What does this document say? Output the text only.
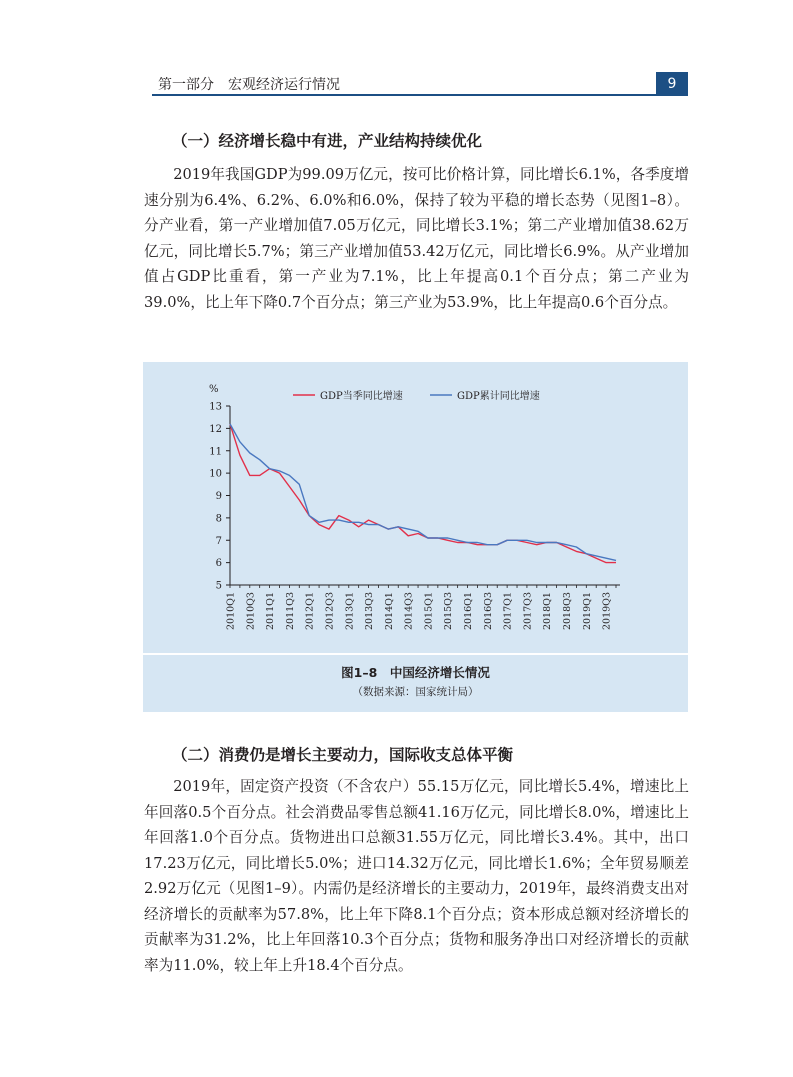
第一部分　宏观经济运行情况	9
（一）经济增长稳中有进，产业结构持续优化

2019年我国GDP为99.09万亿元，按可比价格计算，同比增长6.1%，各季度增速分别为6.4%、6.2%、6.0%和6.0%，保持了较为平稳的增长态势（见图1–8）。分产业看，第一产业增加值7.05万亿元，同比增长3.1%；第二产业增加值38.62万亿元，同比增长5.7%；第三产业增加值53.42万亿元，同比增长6.9%。从产业增加值占GDP比重看，第一产业为7.1%，比上年提高0.1个百分点；第二产业为39.0%，比上年下降0.7个百分点；第三产业为53.9%，比上年提高0.6个百分点。

%
GDP当季同比增速	GDP累计同比增速
5
6
7
8
9
10
11
12
13
2010Q1 2010Q3 2011Q1 2011Q3 2012Q1 2012Q3 2013Q1 2013Q3 2014Q1 2014Q3 2015Q1 2015Q3 2016Q1 2016Q3 2017Q1 2017Q3 2018Q1 2018Q3 2019Q1 2019Q3
图1–8　中国经济增长情况
（数据来源：国家统计局）
（二）消费仍是增长主要动力，国际收支总体平衡

2019年，固定资产投资（不含农户）55.15万亿元，同比增长5.4%，增速比上年回落0.5个百分点。社会消费品零售总额41.16万亿元，同比增长8.0%，增速比上年回落1.0个百分点。货物进出口总额31.55万亿元，同比增长3.4%。其中，出口17.23万亿元，同比增长5.0%；进口14.32万亿元，同比增长1.6%；全年贸易顺差2.92万亿元（见图1–9）。内需仍是经济增长的主要动力，2019年，最终消费支出对经济增长的贡献率为57.8%，比上年下降8.1个百分点；资本形成总额对经济增长的贡献率为31.2%，比上年回落10.3个百分点；货物和服务净出口对经济增长的贡献率为11.0%，较上年上升18.4个百分点。
